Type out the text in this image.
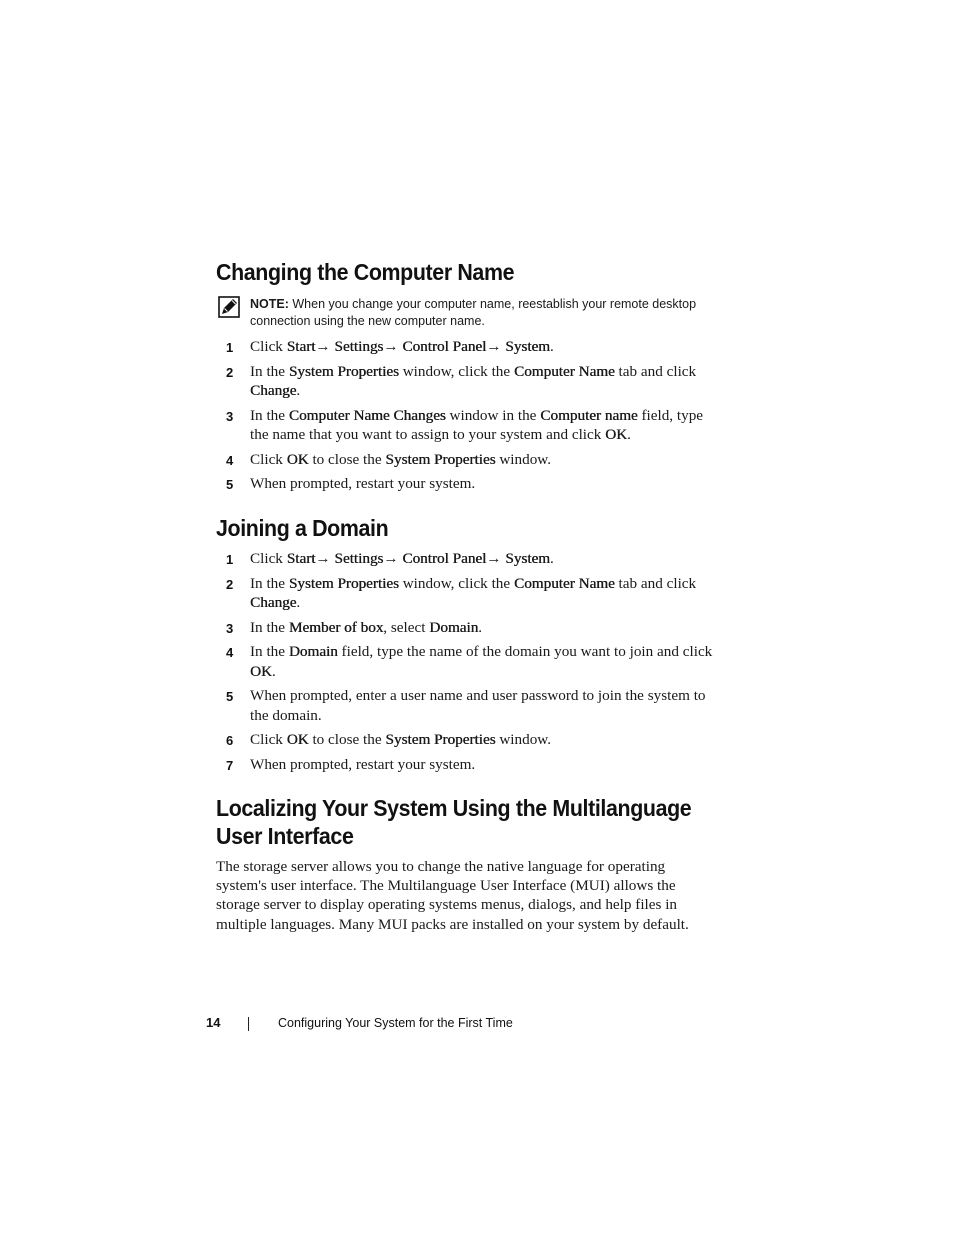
Changing the Computer Name
NOTE: When you change your computer name, reestablish your remote desktop connection using the new computer name.
1 Click Start→ Settings→ Control Panel→ System.
2 In the System Properties window, click the Computer Name tab and click Change.
3 In the Computer Name Changes window in the Computer name field, type the name that you want to assign to your system and click OK.
4 Click OK to close the System Properties window.
5 When prompted, restart your system.
Joining a Domain
1 Click Start→ Settings→ Control Panel→ System.
2 In the System Properties window, click the Computer Name tab and click Change.
3 In the Member of box, select Domain.
4 In the Domain field, type the name of the domain you want to join and click OK.
5 When prompted, enter a user name and user password to join the system to the domain.
6 Click OK to close the System Properties window.
7 When prompted, restart your system.
Localizing Your System Using the Multilanguage User Interface

The storage server allows you to change the native language for operating system's user interface. The Multilanguage User Interface (MUI) allows the storage server to display operating systems menus, dialogs, and help files in multiple languages. Many MUI packs are installed on your system by default.

14	Configuring Your System for the First Time
